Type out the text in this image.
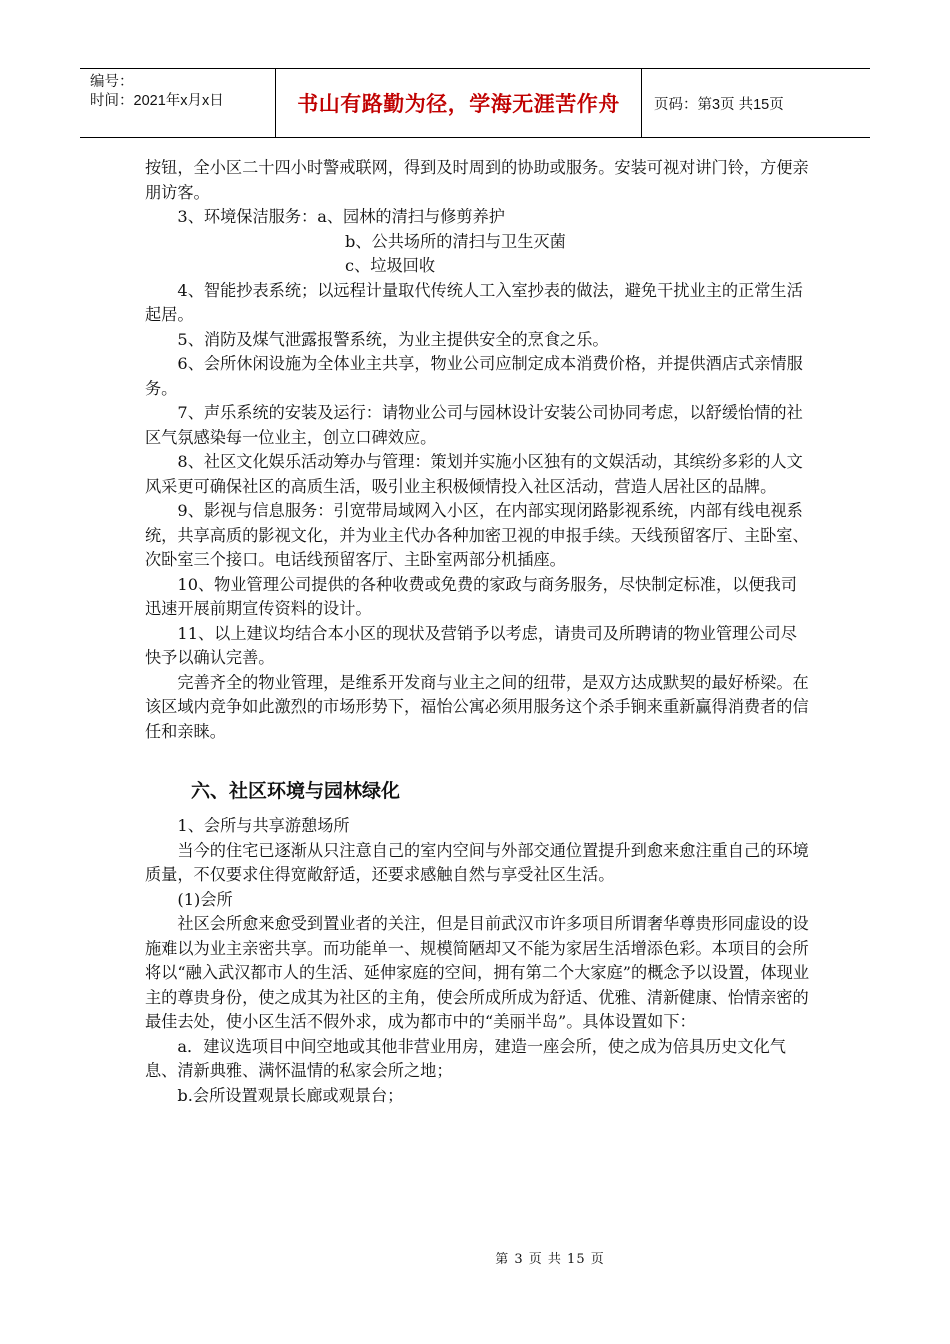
编号：
时间：2021年x月x日	书山有路勤为径，学海无涯苦作舟	页码：第3页 共15页

按钮，全小区二十四小时警戒联网，得到及时周到的协助或服务。安装可视对讲门铃，方便亲朋访客。

3、环境保洁服务：a、园林的清扫与修剪养护

b、公共场所的清扫与卫生灭菌

c、垃圾回收

4、智能抄表系统；以远程计量取代传统人工入室抄表的做法，避免干扰业主的正常生活起居。

5、消防及煤气泄露报警系统，为业主提供安全的烹食之乐。

6、会所休闲设施为全体业主共享，物业公司应制定成本消费价格，并提供酒店式亲情服务。

7、声乐系统的安装及运行：请物业公司与园林设计安装公司协同考虑，以舒缓怡情的社区气氛感染每一位业主，创立口碑效应。

8、社区文化娱乐活动筹办与管理：策划并实施小区独有的文娱活动，其缤纷多彩的人文风采更可确保社区的高质生活，吸引业主积极倾情投入社区活动，营造人居社区的品牌。

9、影视与信息服务：引宽带局域网入小区，在内部实现闭路影视系统，内部有线电视系统，共享高质的影视文化，并为业主代办各种加密卫视的申报手续。天线预留客厅、主卧室、次卧室三个接口。电话线预留客厅、主卧室两部分机插座。

10、物业管理公司提供的各种收费或免费的家政与商务服务，尽快制定标准，以便我司迅速开展前期宣传资料的设计。

11、以上建议均结合本小区的现状及营销予以考虑，请贵司及所聘请的物业管理公司尽快予以确认完善。

完善齐全的物业管理，是维系开发商与业主之间的纽带，是双方达成默契的最好桥梁。在该区域内竞争如此激烈的市场形势下，福怡公寓必须用服务这个杀手锏来重新赢得消费者的信任和亲睐。

六、社区环境与园林绿化

1、会所与共享游憩场所

当今的住宅已逐渐从只注意自己的室内空间与外部交通位置提升到愈来愈注重自己的环境质量，不仅要求住得宽敞舒适，还要求感触自然与享受社区生活。

(1)会所

社区会所愈来愈受到置业者的关注，但是目前武汉市许多项目所谓奢华尊贵形同虚设的设施难以为业主亲密共享。而功能单一、规模简陋却又不能为家居生活增添色彩。本项目的会所将以“融入武汉都市人的生活、延伸家庭的空间，拥有第二个大家庭”的概念予以设置，体现业主的尊贵身份，使之成其为社区的主角，使会所成所成为舒适、优雅、清新健康、怡情亲密的最佳去处，使小区生活不假外求，成为都市中的“美丽半岛”。具体设置如下：

a．建议选项目中间空地或其他非营业用房，建造一座会所，使之成为倍具历史文化气息、清新典雅、满怀温情的私家会所之地；

b.会所设置观景长廊或观景台；

第 3 页 共 15 页
